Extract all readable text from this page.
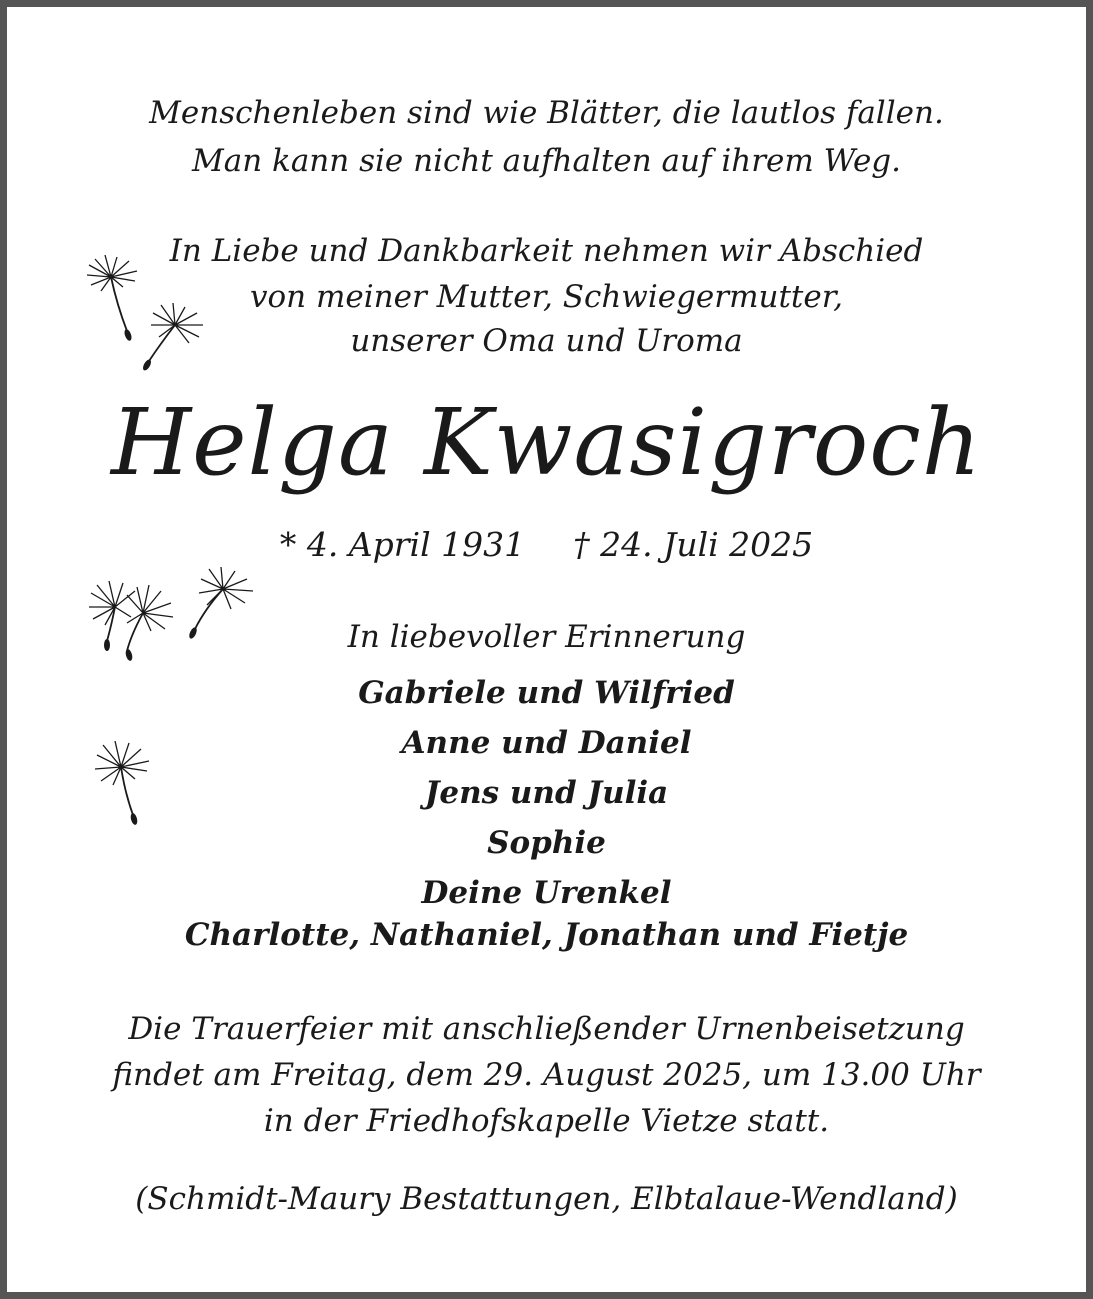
Menschenleben sind wie Blätter, die lautlos fallen.
Man kann sie nicht aufhalten auf ihrem Weg.
In Liebe und Dankbarkeit nehmen wir Abschied
von meiner Mutter, Schwiegermutter,
unserer Oma und Uroma
Helga Kwasigroch
* 4. April 1931 † 24. Juli 2025
In liebevoller Erinnerung
Gabriele und Wilfried
Anne und Daniel
Jens und Julia
Sophie
Deine Urenkel
Charlotte, Nathaniel, Jonathan und Fietje
Die Trauerfeier mit anschließender Urnenbeisetzung
findet am Freitag, dem 29. August 2025, um 13.00 Uhr
in der Friedhofskapelle Vietze statt.
(Schmidt-Maury Bestattungen, Elbtalaue-Wendland)
